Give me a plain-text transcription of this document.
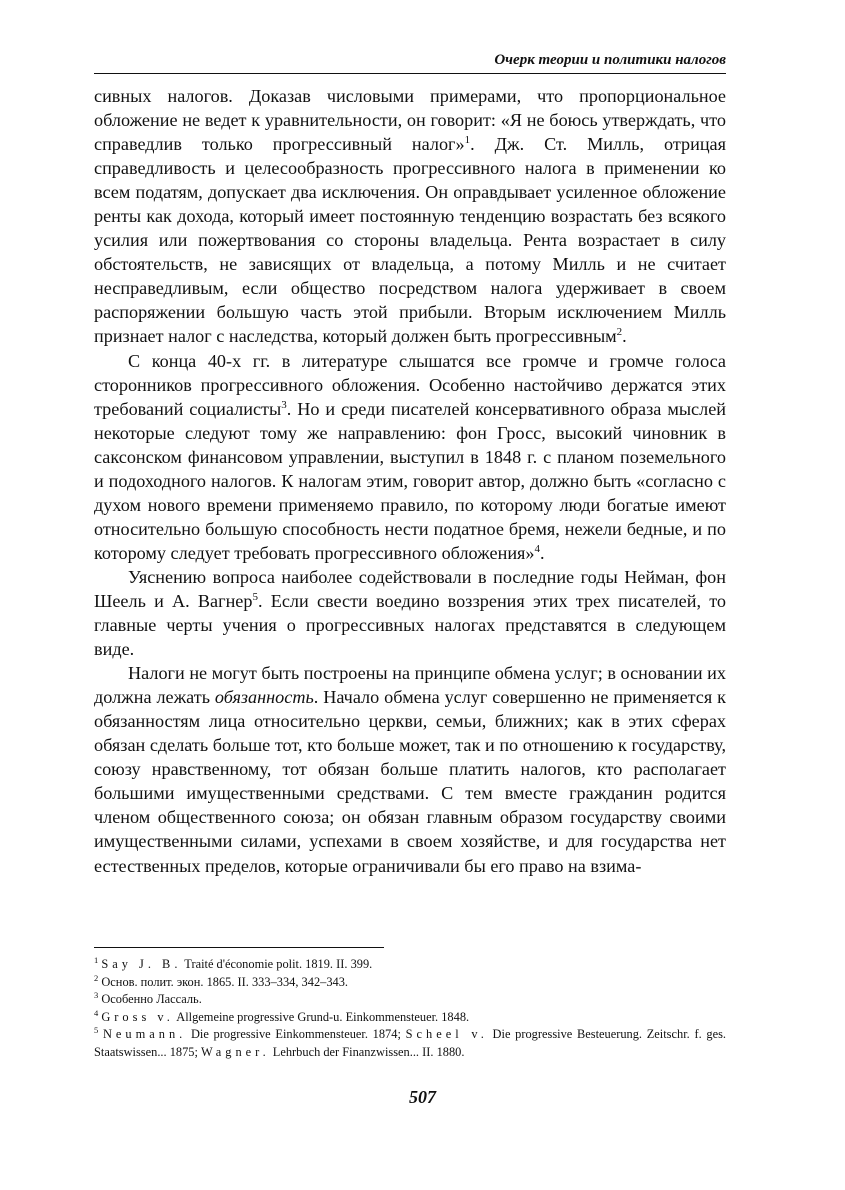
Очерк теории и политики налогов

сивных налогов. Доказав числовыми примерами, что пропорциональное обложение не ведет к уравнительности, он говорит: «Я не боюсь утверждать, что справедлив только прогрессивный налог»$^1$. Дж. Ст. Милль, отрицая справедливость и целесообразность прогрессивного налога в применении ко всем податям, допускает два исключения. Он оправдывает усиленное обложение ренты как дохода, который имеет постоянную тенденцию возрастать без всякого усилия или пожертвования со стороны владельца. Рента возрастает в силу обстоятельств, не зависящих от владельца, а потому Милль и не считает несправедливым, если общество посредством налога удерживает в своем распоряжении большую часть этой прибыли. Вторым исключением Милль признает налог с наследства, который должен быть прогрессивным$^2$.

С конца 40-х гг. в литературе слышатся все громче и громче голоса сторонников прогрессивного обложения. Особенно настойчиво держатся этих требований социалисты$^3$. Но и среди писателей консервативного образа мыслей некоторые следуют тому же направлению: фон Гросс, высокий чиновник в саксонском финансовом управлении, выступил в 1848 г. с планом поземельного и подоходного налогов. К налогам этим, говорит автор, должно быть «согласно с духом нового времени применяемо правило, по которому люди богатые имеют относительно большую способность нести податное бремя, нежели бедные, и по которому следует требовать прогрессивного обложения»$^4$.

Уяснению вопроса наиболее содействовали в последние годы Нейман, фон Шеель и А. Вагнер$^5$. Если свести воедино воззрения этих трех писателей, то главные черты учения о прогрессивных налогах представятся в следующем виде.

Налоги не могут быть построены на принципе обмена услуг; в основании их должна лежать обязанность. Начало обмена услуг совершенно не применяется к обязанностям лица относительно церкви, семьи, ближних; как в этих сферах обязан сделать больше тот, кто больше может, так и по отношению к государству, союзу нравственному, тот обязан больше платить налогов, кто располагает большими имущественными средствами. С тем вместе гражданин родится членом общественного союза; он обязан главным образом государству своими имущественными силами, успехами в своем хозяйстве, и для государства нет естественных пределов, которые ограничивали бы его право на взима-

$^1$ Say J. B. Traité d'économie polit. 1819. II. 399.

$^2$ Основ. полит. экон. 1865. II. 333–334, 342–343.

$^3$ Особенно Лассаль.

$^4$ Gross v. Allgemeine progressive Grund-u. Einkommensteuer. 1848.

$^5$ Neumann. Die progressive Einkommensteuer. 1874; Scheel v. Die progressive Besteuerung. Zeitschr. f. ges. Staatswissen... 1875; Wagner. Lehrbuch der Finanzwissen... II. 1880.

507
